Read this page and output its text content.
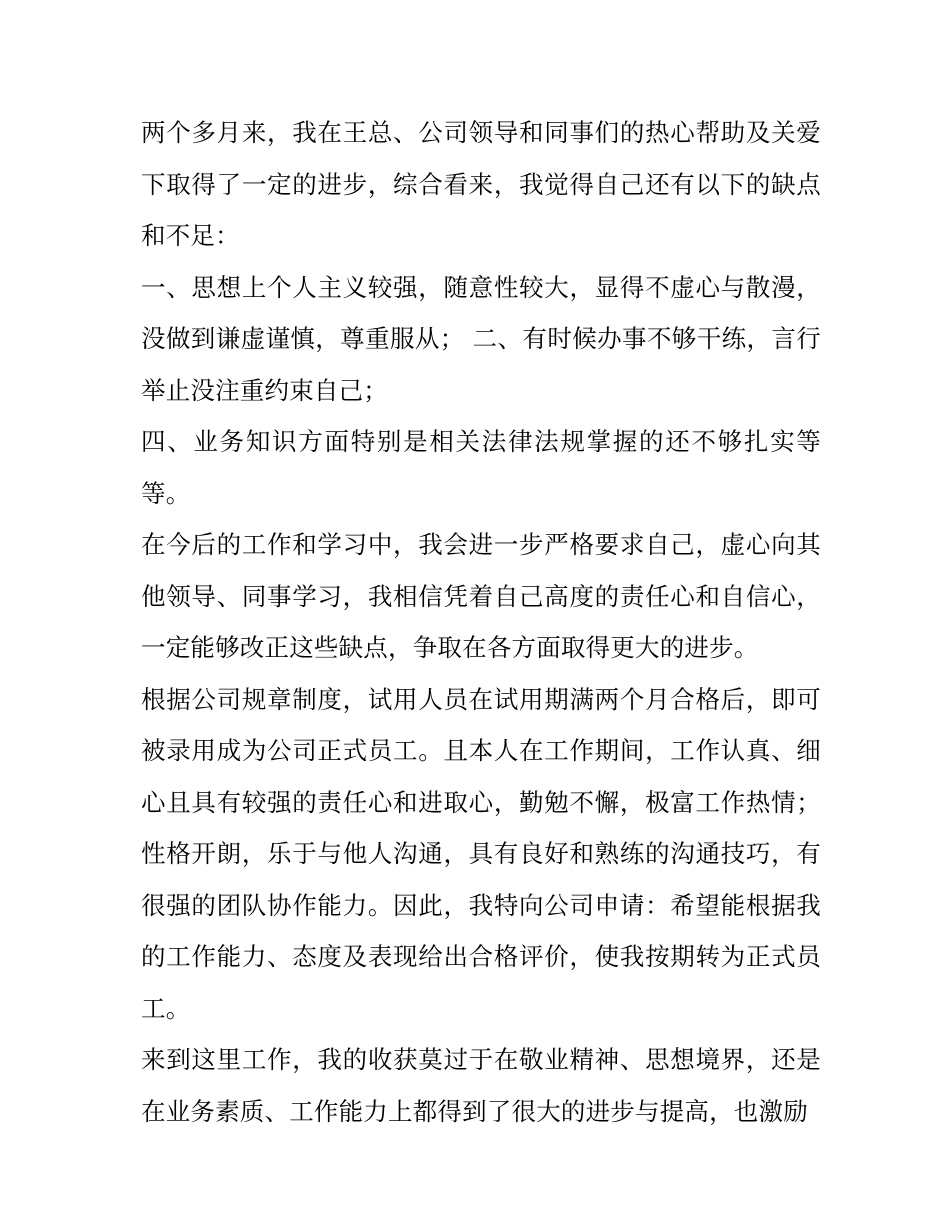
两个多月来，我在王总、公司领导和同事们的热心帮助及关爱下取得了一定的进步，综合看来，我觉得自己还有以下的缺点和不足：

一、思想上个人主义较强，随意性较大，显得不虚心与散漫，没做到谦虚谨慎，尊重服从； 二、有时候办事不够干练，言行举止没注重约束自己；

四、业务知识方面特别是相关法律法规掌握的还不够扎实等等。

在今后的工作和学习中，我会进一步严格要求自己，虚心向其他领导、同事学习，我相信凭着自己高度的责任心和自信心，一定能够改正这些缺点，争取在各方面取得更大的进步。

根据公司规章制度，试用人员在试用期满两个月合格后，即可被录用成为公司正式员工。且本人在工作期间，工作认真、细心且具有较强的责任心和进取心，勤勉不懈，极富工作热情；性格开朗，乐于与他人沟通，具有良好和熟练的沟通技巧，有很强的团队协作能力。因此，我特向公司申请：希望能根据我的工作能力、态度及表现给出合格评价，使我按期转为正式员工。

来到这里工作，我的收获莫过于在敬业精神、思想境界，还是在业务素质、工作能力上都得到了很大的进步与提高，也激励
